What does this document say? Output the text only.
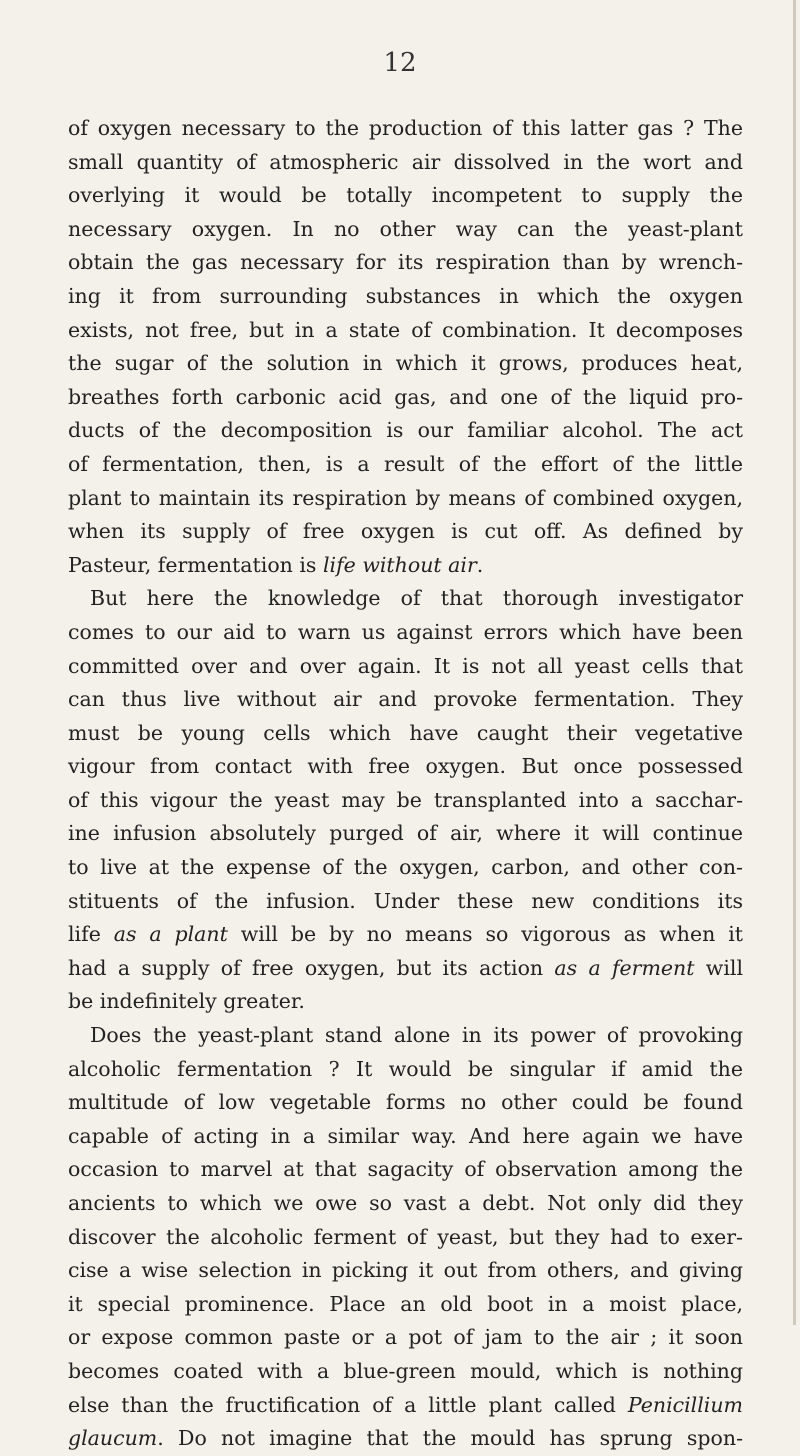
12
of oxygen necessary to the production of this latter gas ? The
small quantity of atmospheric air dissolved in the wort and
overlying it would be totally incompetent to supply the
necessary oxygen. In no other way can the yeast-plant
obtain the gas necessary for its respiration than by wrench-
ing it from surrounding substances in which the oxygen
exists, not free, but in a state of combination. It decomposes
the sugar of the solution in which it grows, produces heat,
breathes forth carbonic acid gas, and one of the liquid pro-
ducts of the decomposition is our familiar alcohol. The act
of fermentation, then, is a result of the effort of the little
plant to maintain its respiration by means of combined oxygen,
when its supply of free oxygen is cut off. As defined by
Pasteur, fermentation is life without air.
But here the knowledge of that thorough investigator
comes to our aid to warn us against errors which have been
committed over and over again. It is not all yeast cells that
can thus live without air and provoke fermentation. They
must be young cells which have caught their vegetative
vigour from contact with free oxygen. But once possessed
of this vigour the yeast may be transplanted into a sacchar-
ine infusion absolutely purged of air, where it will continue
to live at the expense of the oxygen, carbon, and other con-
stituents of the infusion. Under these new conditions its
life as a plant will be by no means so vigorous as when it
had a supply of free oxygen, but its action as a ferment will
be indefinitely greater.
Does the yeast-plant stand alone in its power of provoking
alcoholic fermentation ? It would be singular if amid the
multitude of low vegetable forms no other could be found
capable of acting in a similar way. And here again we have
occasion to marvel at that sagacity of observation among the
ancients to which we owe so vast a debt. Not only did they
discover the alcoholic ferment of yeast, but they had to exer-
cise a wise selection in picking it out from others, and giving
it special prominence. Place an old boot in a moist place,
or expose common paste or a pot of jam to the air ; it soon
becomes coated with a blue-green mould, which is nothing
else than the fructification of a little plant called Penicillium
glaucum. Do not imagine that the mould has sprung spon-
